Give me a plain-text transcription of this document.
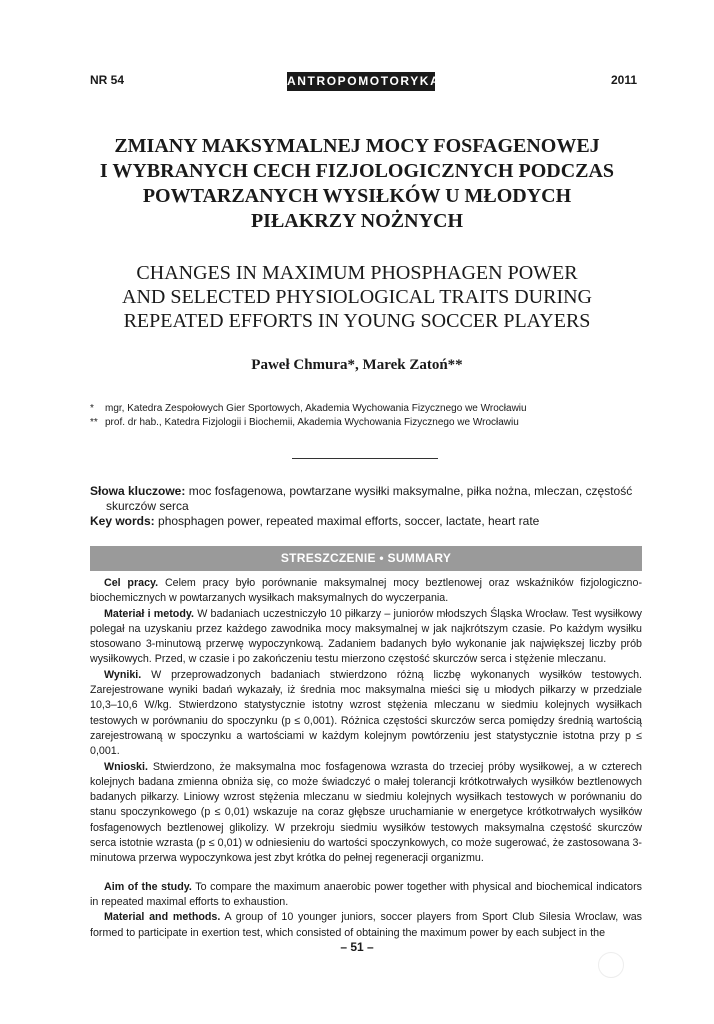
NR 54	ANTROPOMOTORYKA	2011
ZMIANY MAKSYMALNEJ MOCY FOSFAGENOWEJ
I WYBRANYCH CECH FIZJOLOGICZNYCH PODCZAS
POWTARZANYCH WYSIŁKÓW U MŁODYCH
PIŁAKRZY NOŻNYCH
CHANGES IN MAXIMUM PHOSPHAGEN POWER
AND SELECTED PHYSIOLOGICAL TRAITS DURING
REPEATED EFFORTS IN YOUNG SOCCER PLAYERS
Paweł Chmura*, Marek Zatoń**
* mgr, Katedra Zespołowych Gier Sportowych, Akademia Wychowania Fizycznego we Wrocławiu
** prof. dr hab., Katedra Fizjologii i Biochemii, Akademia Wychowania Fizycznego we Wrocławiu
Słowa kluczowe: moc fosfagenowa, powtarzane wysiłki maksymalne, piłka nożna, mleczan, częstość
skurczów serca
Key words: phosphagen power, repeated maximal efforts, soccer, lactate, heart rate
STRESZCZENIE • SUMMARY

Cel pracy. Celem pracy było porównanie maksymalnej mocy beztlenowej oraz wskaźników fizjologiczno-biochemicznych w powtarzanych wysiłkach maksymalnych do wyczerpania.

Materiał i metody. W badaniach uczestniczyło 10 piłkarzy – juniorów młodszych Śląska Wrocław. Test wysiłkowy polegał na uzyskaniu przez każdego zawodnika mocy maksymalnej w jak najkrótszym czasie. Po każdym wysiłku stosowano 3-minutową przerwę wypoczynkową. Zadaniem badanych było wykonanie jak największej liczby prób wysiłkowych. Przed, w czasie i po zakończeniu testu mierzono częstość skurczów serca i stężenie mleczanu.

Wyniki. W przeprowadzonych badaniach stwierdzono różną liczbę wykonanych wysiłków testowych. Zarejestrowane wyniki badań wykazały, iż średnia moc maksymalna mieści się u młodych piłkarzy w przedziale 10,3–10,6 W/kg. Stwierdzono statystycznie istotny wzrost stężenia mleczanu w siedmiu kolejnych wysiłkach testowych w porównaniu do spoczynku (p ≤ 0,001). Różnica częstości skurczów serca pomiędzy średnią wartością zarejestrowaną w spoczynku a wartościami w każdym kolejnym powtórzeniu jest statystycznie istotna przy p ≤ 0,001.

Wnioski. Stwierdzono, że maksymalna moc fosfagenowa wzrasta do trzeciej próby wysiłkowej, a w czterech kolejnych badana zmienna obniża się, co może świadczyć o małej tolerancji krótkotrwałych wysiłków beztlenowych badanych piłkarzy. Liniowy wzrost stężenia mleczanu w siedmiu kolejnych wysiłkach testowych w porównaniu do stanu spoczynkowego (p ≤ 0,01) wskazuje na coraz głębsze uruchamianie w energetyce krótkotrwałych wysiłków fosfagenowych beztlenowej glikolizy. W przekroju siedmiu wysiłków testowych maksymalna częstość skurczów serca istotnie wzrasta (p ≤ 0,01) w odniesieniu do wartości spoczynkowych, co może sugerować, że zastosowana 3-minutowa przerwa wypoczynkowa jest zbyt krótka do pełnej regeneracji organizmu.

Aim of the study. To compare the maximum anaerobic power together with physical and biochemical indicators in repeated maximal efforts to exhaustion.

Material and methods. A group of 10 younger juniors, soccer players from Sport Club Silesia Wroclaw, was formed to participate in exertion test, which consisted of obtaining the maximum power by each subject in the

– 51 –
